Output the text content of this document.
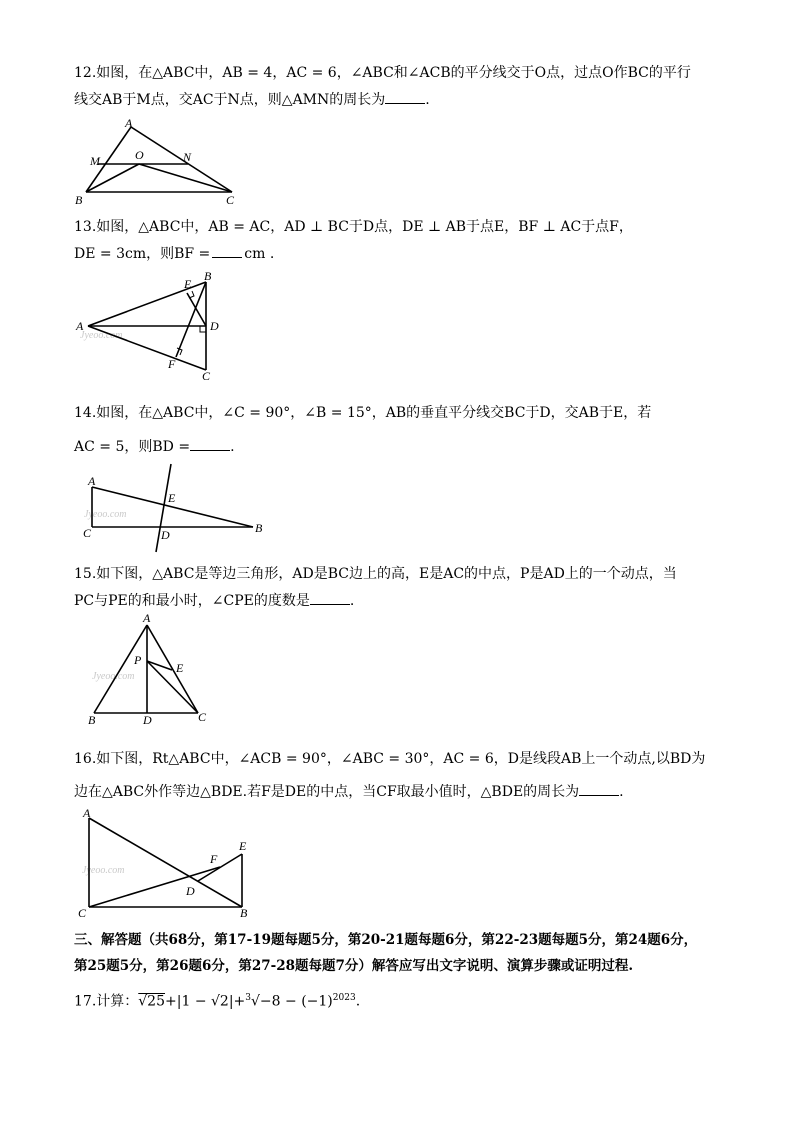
12.如图，在△ABC中，AB = 4，AC = 6，∠ABC和∠ACB的平分线交于O点，过点O作BC的平行
线交AB于M点，交AC于N点，则△AMN的周长为	.
A
M	O	N
B	C
13.如图，△ABC中，AB = AC，AD ⊥ BC于D点，DE ⊥ AB于点E，BF ⊥ AC于点F，
DE = 3cm，则BF = cm .
Jyeoo.com
A
B
E
D
F
C
14.如图，在△ABC中，∠C = 90°，∠B = 15°，AB的垂直平分线交BC于D，交AB于E，若
AC = 5，则BD =	.
Jyeoo.com
A
E
C	D	B
15.如下图，△ABC是等边三角形，AD是BC边上的高，E是AC的中点，P是AD上的一个动点，当
PC与PE的和最小时，∠CPE的度数是	.
Jyeoo.com
A
P
E
B	D	C
16.如下图，Rt△ABC中，∠ACB = 90°，∠ABC = 30°，AC = 6，D是线段AB上一个动点,以BD为
边在△ABC外作等边△BDE.若F是DE的中点，当CF取最小值时，△BDE的周长为	.
Jyeoo.com
A
F
E
D
C	B
三、解答题（共68分，第17-19题每题5分，第20-21题每题6分，第22-23题每题5分，第24题6分，
第25题5分，第26题6分，第27-28题每题7分）解答应写出文字说明、演算步骤或证明过程.
17.计算：$√25+|1 - √2|+^3√-8 - (-1)^{2023}$.
